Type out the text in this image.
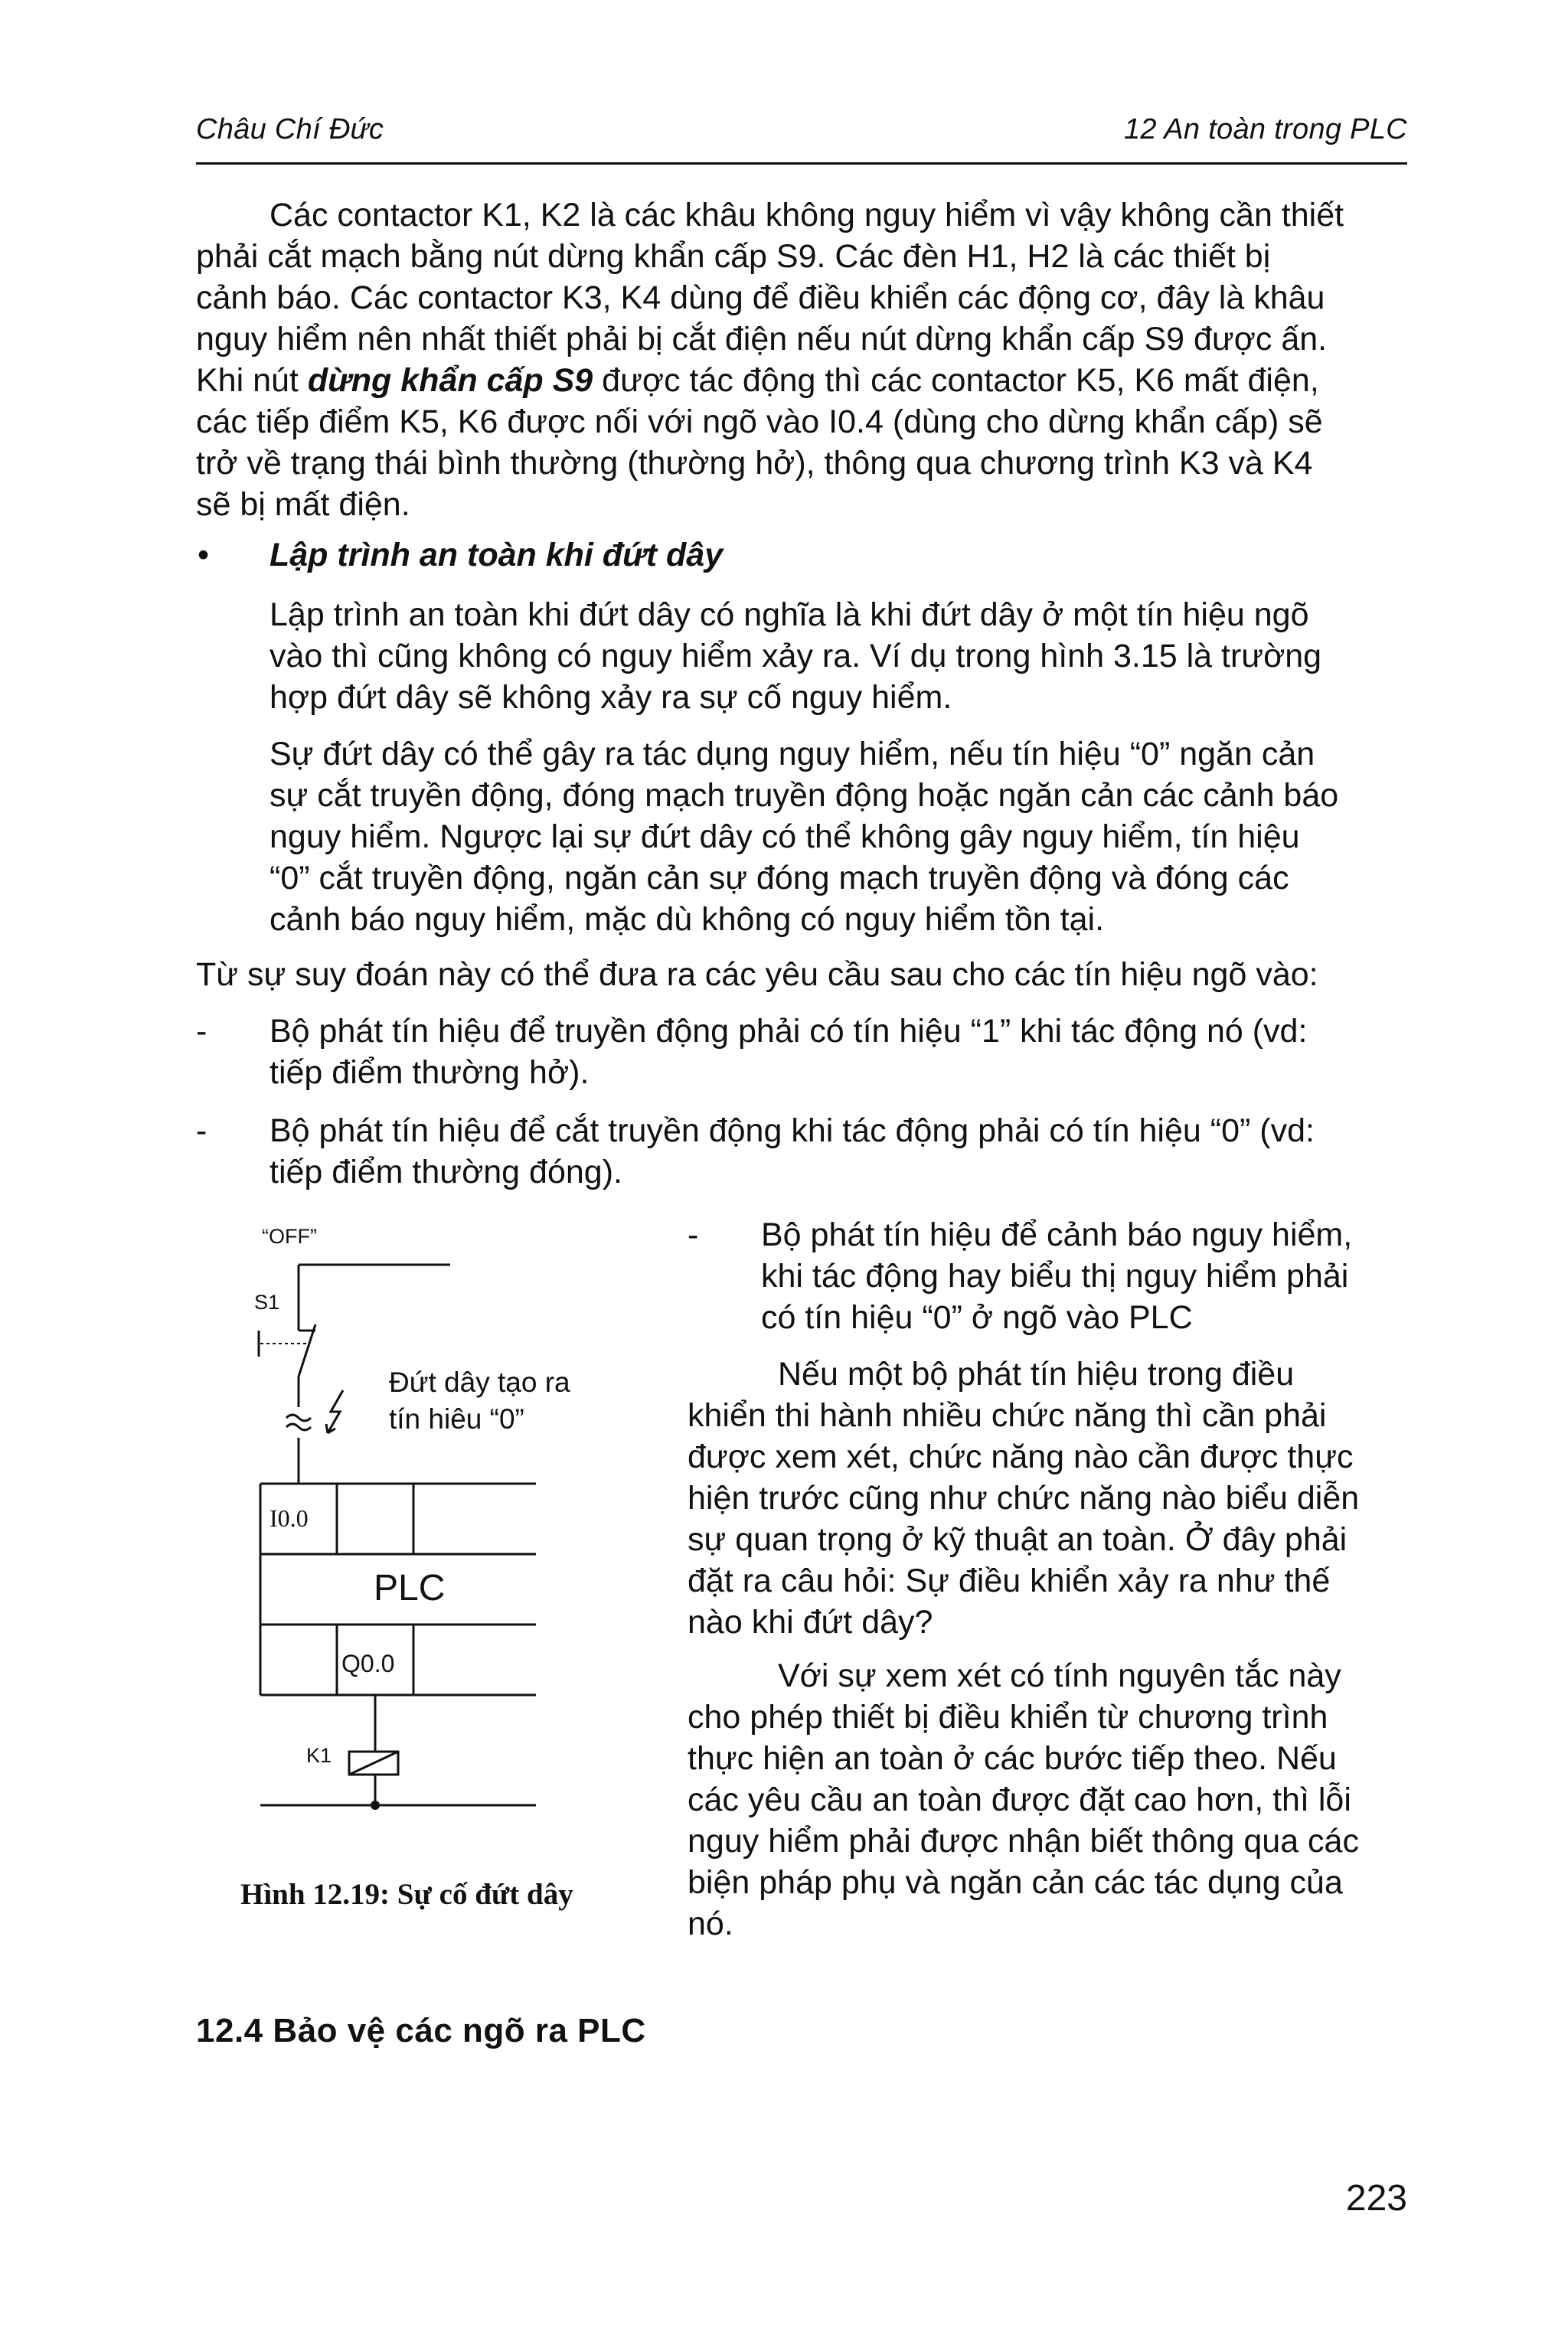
Châu Chí Đức	12 An toàn trong PLC
Các contactor K1, K2 là các khâu không nguy hiểm vì vậy không cần thiết
phải cắt mạch bằng nút dừng khẩn cấp S9. Các đèn H1, H2 là các thiết bị
cảnh báo. Các contactor K3, K4 dùng để điều khiển các động cơ, đây là khâu
nguy hiểm nên nhất thiết phải bị cắt điện nếu nút dừng khẩn cấp S9 được ấn.
Khi nút dừng khẩn cấp S9 được tác động thì các contactor K5, K6 mất điện,
các tiếp điểm K5, K6 được nối với ngõ vào I0.4 (dùng cho dừng khẩn cấp) sẽ
trở về trạng thái bình thường (thường hở), thông qua chương trình K3 và K4
sẽ bị mất điện.
• Lập trình an toàn khi đứt dây
Lập trình an toàn khi đứt dây có nghĩa là khi đứt dây ở một tín hiệu ngõ
vào thì cũng không có nguy hiểm xảy ra. Ví dụ trong hình 3.15 là trường
hợp đứt dây sẽ không xảy ra sự cố nguy hiểm.
Sự đứt dây có thể gây ra tác dụng nguy hiểm, nếu tín hiệu “0” ngăn cản
sự cắt truyền động, đóng mạch truyền động hoặc ngăn cản các cảnh báo
nguy hiểm. Ngược lại sự đứt dây có thể không gây nguy hiểm, tín hiệu
“0” cắt truyền động, ngăn cản sự đóng mạch truyền động và đóng các
cảnh báo nguy hiểm, mặc dù không có nguy hiểm tồn tại.
Từ sự suy đoán này có thể đưa ra các yêu cầu sau cho các tín hiệu ngõ vào:
- Bộ phát tín hiệu để truyền động phải có tín hiệu “1” khi tác động nó (vd:
tiếp điểm thường hở).
- Bộ phát tín hiệu để cắt truyền động khi tác động phải có tín hiệu “0” (vd:
tiếp điểm thường đóng).
- Bộ phát tín hiệu để cảnh báo nguy hiểm,
khi tác động hay biểu thị nguy hiểm phải
có tín hiệu “0” ở ngõ vào PLC
Nếu một bộ phát tín hiệu trong điều
khiển thi hành nhiều chức năng thì cần phải
được xem xét, chức năng nào cần được thực
hiện trước cũng như chức năng nào biểu diễn
sự quan trọng ở kỹ thuật an toàn. Ở đây phải
đặt ra câu hỏi: Sự điều khiển xảy ra như thế
nào khi đứt dây?
Với sự xem xét có tính nguyên tắc này
cho phép thiết bị điều khiển từ chương trình
thực hiện an toàn ở các bước tiếp theo. Nếu
các yêu cầu an toàn được đặt cao hơn, thì lỗi
nguy hiểm phải được nhận biết thông qua các
biện pháp phụ và ngăn cản các tác dụng của
nó.
“OFF”
S1
Đứt dây tạo ra
tín hiêu “0”
I0.0
PLC
Q0.0
K1
Hình 12.19: Sự cố đứt dây
12.4 Bảo vệ các ngõ ra PLC
223
